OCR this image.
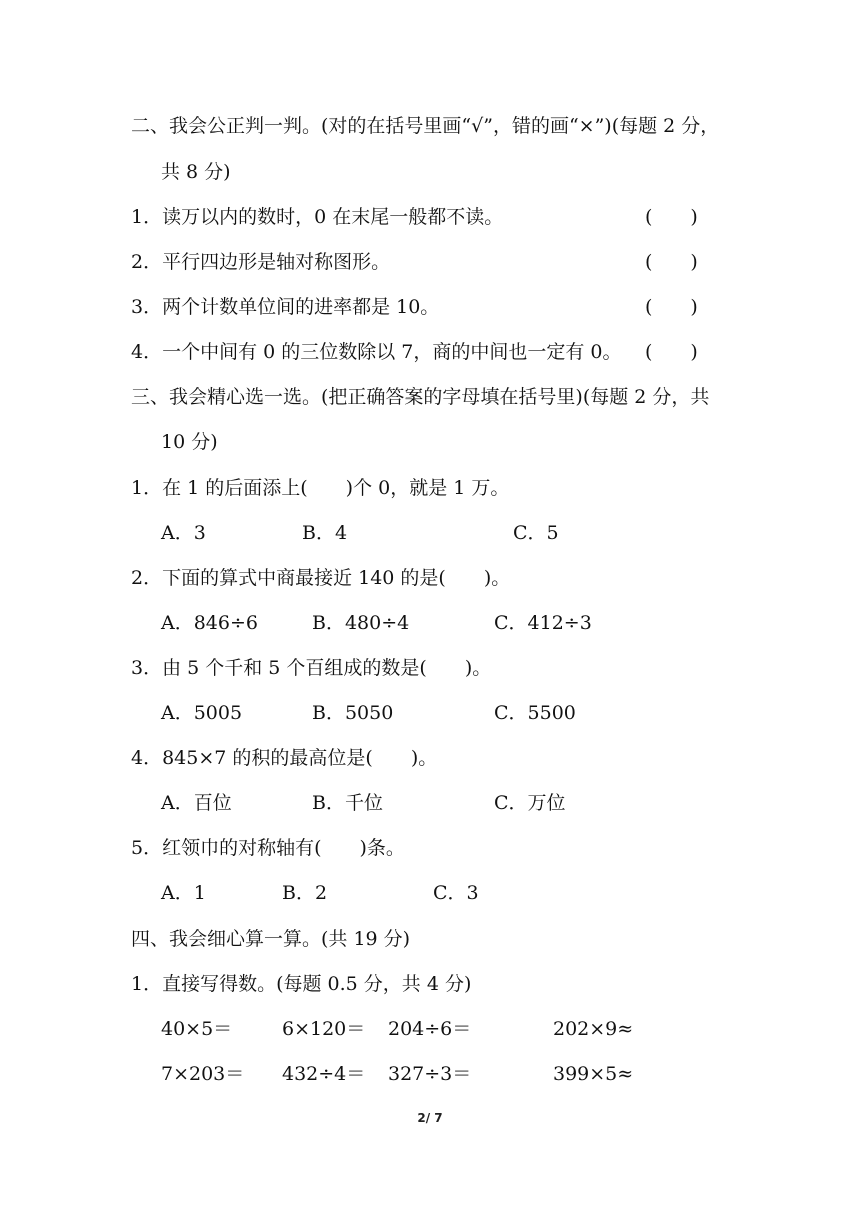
二、我会公正判一判。(对的在括号里画“√”，错的画“×”)(每题 2 分，
共 8 分)
1．读万以内的数时，0 在末尾一般都不读。	(　　)
2．平行四边形是轴对称图形。	(　　)
3．两个计数单位间的进率都是 10。	(　　)
4．一个中间有 0 的三位数除以 7，商的中间也一定有 0。 (　　)
三、我会精心选一选。(把正确答案的字母填在括号里)(每题 2 分，共
10 分)
1．在 1 的后面添上(　　)个 0，就是 1 万。
A．3	B．4	C．5
2．下面的算式中商最接近 140 的是(　　)。
A．846÷6	B．480÷4	C．412÷3
3．由 5 个千和 5 个百组成的数是(　　)。
A．5005	B．5050	C．5500
4．845×7 的积的最高位是(　　)。
A．百位	B．千位	C．万位
5．红领巾的对称轴有(　　)条。
A．1	B．2	C．3
四、我会细心算一算。(共 19 分)
1．直接写得数。(每题 0.5 分，共 4 分)
40×5＝	6×120＝ 204÷6＝	202×9≈
7×203＝ 432÷4＝ 327÷3＝	399×5≈
2/ 7
